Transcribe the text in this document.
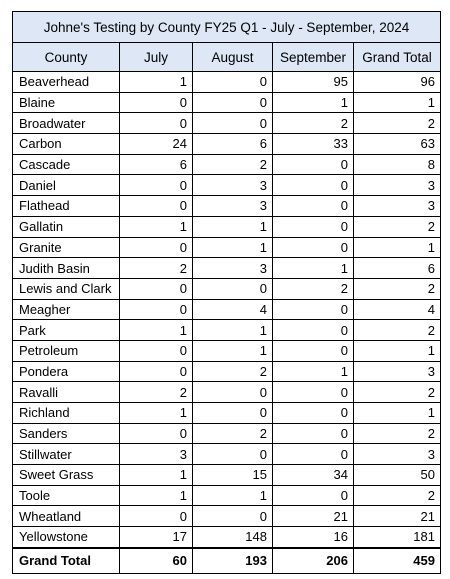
Johne's Testing by County FY25 Q1 - July - September, 2024				
County	July	August	September	Grand Total
Beaverhead	1	0	95	96
Blaine	0	0	1	1
Broadwater	0	0	2	2
Carbon	24	6	33	63
Cascade	6	2	0	8
Daniel	0	3	0	3
Flathead	0	3	0	3
Gallatin	1	1	0	2
Granite	0	1	0	1
Judith Basin	2	3	1	6
Lewis and Clark	0	0	2	2
Meagher	0	4	0	4
Park	1	1	0	2
Petroleum	0	1	0	1
Pondera	0	2	1	3
Ravalli	2	0	0	2
Richland	1	0	0	1
Sanders	0	2	0	2
Stillwater	3	0	0	3
Sweet Grass	1	15	34	50
Toole	1	1	0	2
Wheatland	0	0	21	21
Yellowstone	17	148	16	181
Grand Total	60	193	206	459
